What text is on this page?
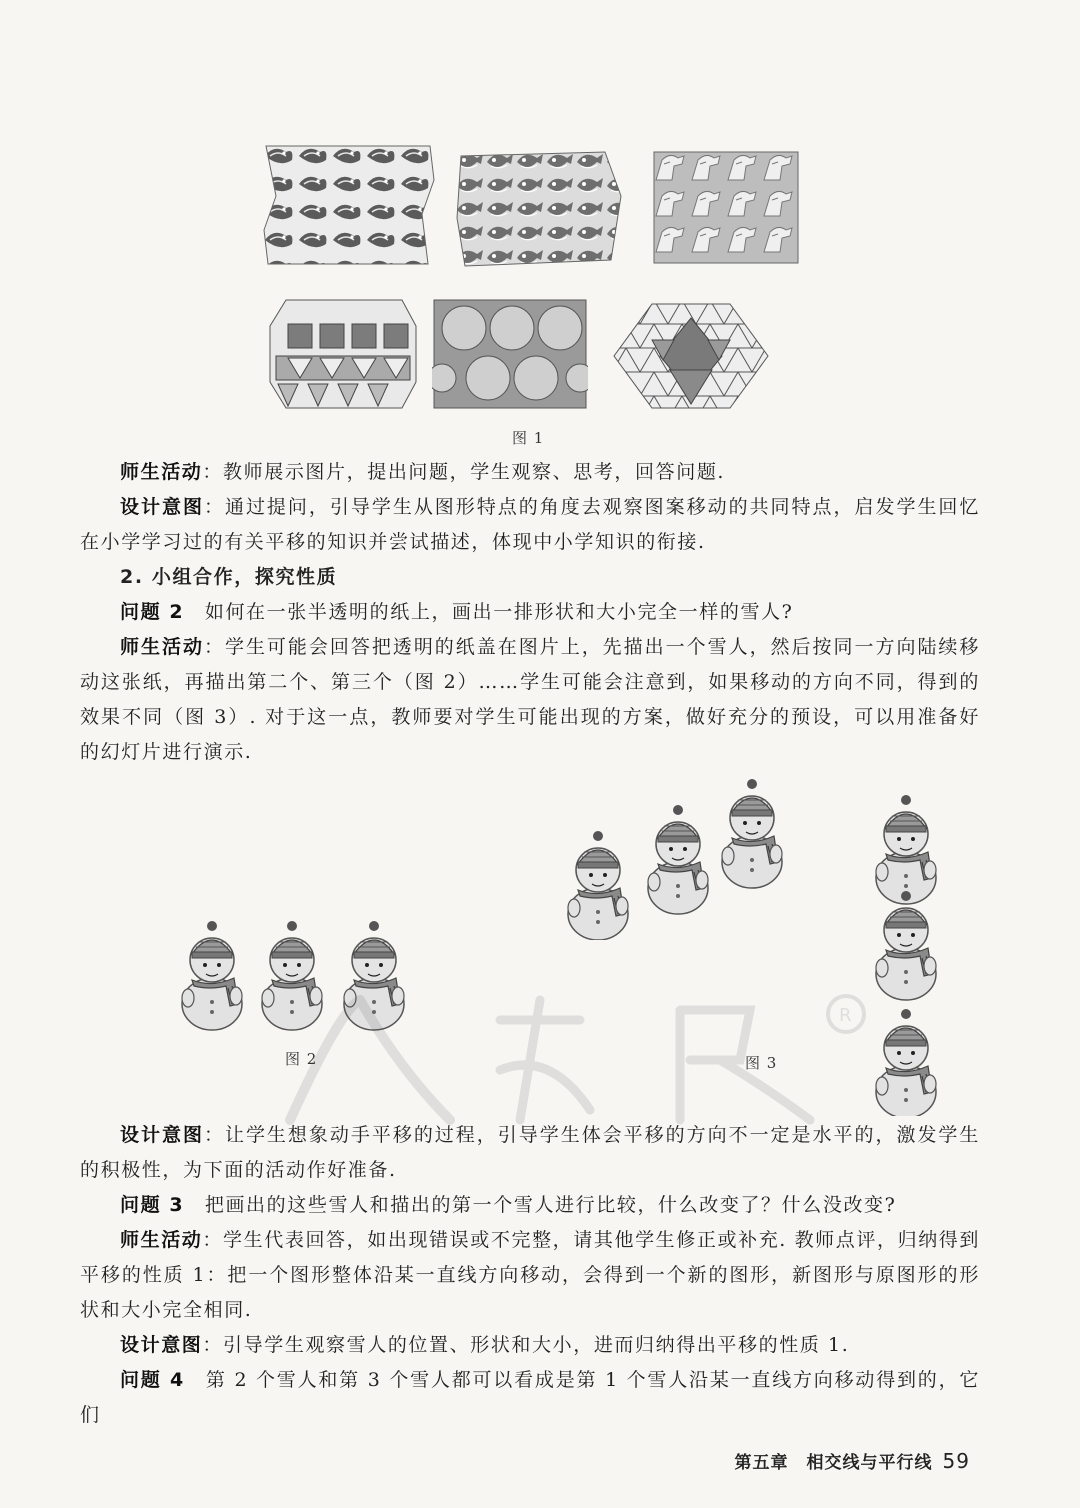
图 1

师生活动：教师展示图片，提出问题，学生观察、思考，回答问题.

设计意图：通过提问，引导学生从图形特点的角度去观察图案移动的共同特点，启发学生回忆在小学学习过的有关平移的知识并尝试描述，体现中小学知识的衔接.

2. 小组合作，探究性质

问题 2　 如何在一张半透明的纸上，画出一排形状和大小完全一样的雪人?

师生活动：学生可能会回答把透明的纸盖在图片上，先描出一个雪人，然后按同一方向陆续移动这张纸，再描出第二个、第三个（图 2）……学生可能会注意到，如果移动的方向不同，得到的效果不同（图 3）. 对于这一点，教师要对学生可能出现的方案，做好充分的预设，可以用准备好的幻灯片进行演示.

图 2	图 3
R

设计意图：让学生想象动手平移的过程，引导学生体会平移的方向不一定是水平的，激发学生的积极性，为下面的活动作好准备.

问题 3　 把画出的这些雪人和描出的第一个雪人进行比较，什么改变了？什么没改变?

师生活动：学生代表回答，如出现错误或不完整，请其他学生修正或补充. 教师点评，归纳得到平移的性质 1：把一个图形整体沿某一直线方向移动，会得到一个新的图形，新图形与原图形的形状和大小完全相同.

设计意图：引导学生观察雪人的位置、形状和大小，进而归纳得出平移的性质 1.

问题 4　 第 2 个雪人和第 3 个雪人都可以看成是第 1 个雪人沿某一直线方向移动得到的，它们

第五章　相交线与平行线 59
